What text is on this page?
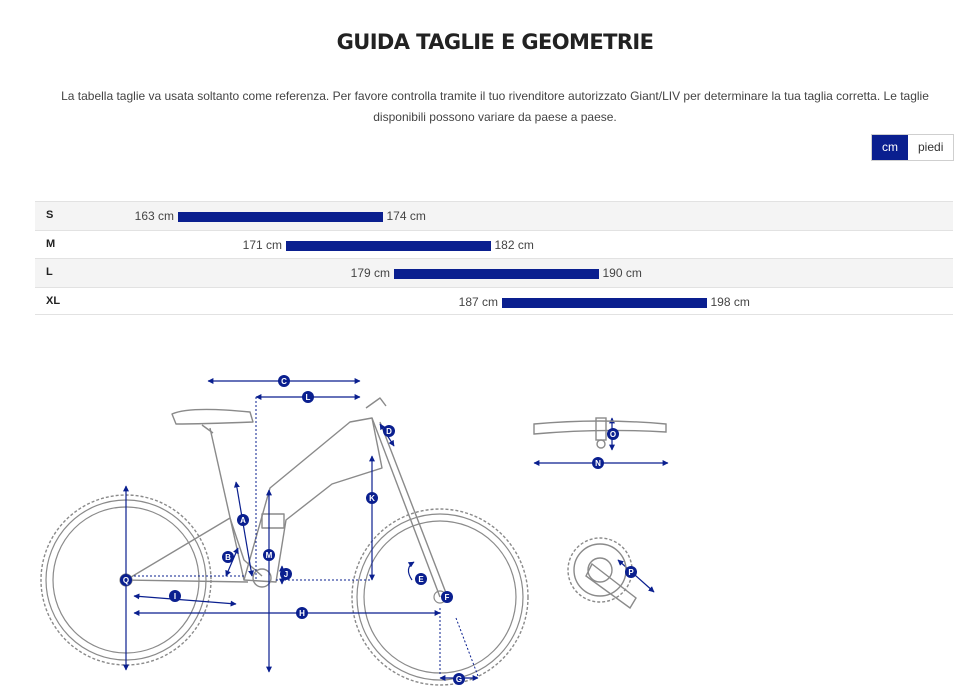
GUIDA TAGLIE E GEOMETRIE
La tabella taglie va usata soltanto come referenza. Per favore controlla tramite il tuo rivenditore autorizzato Giant/LIV per determinare la tua taglia corretta. Le taglie disponibili possono variare da paese a paese.
cm	piedi
S	163 cm	174 cm
M	171 cm	182 cm
L	179 cm	190 cm
XL	187 cm	198 cm
A
B
C
D
E
F
G
H
I
J
K
L
M
N
O
P
Q
